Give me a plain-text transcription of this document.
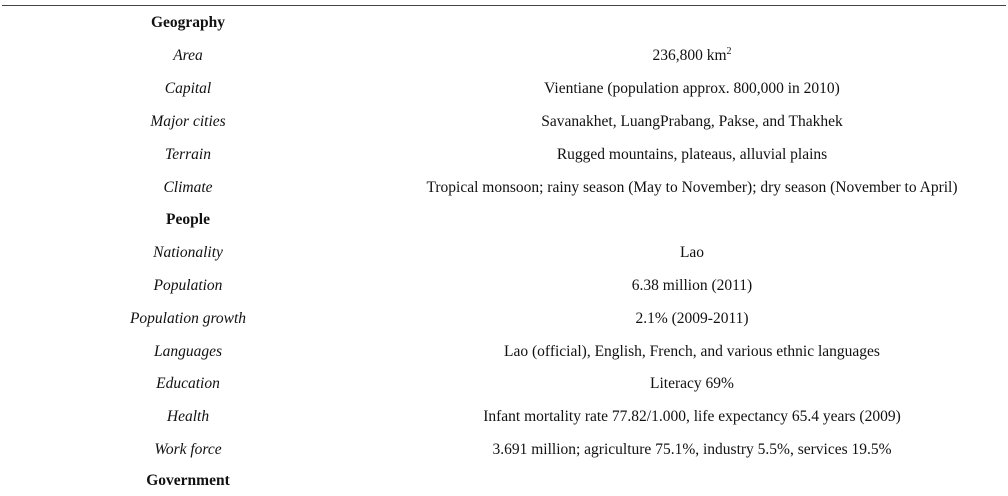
Geography	
Area	236,800 $km^2$
Capital	Vientiane (population approx. 800,000 in 2010)
Major cities	Savanakhet, LuangPrabang, Pakse, and Thakhek
Terrain	Rugged mountains, plateaus, alluvial plains
Climate	Tropical monsoon; rainy season (May to November); dry season (November to April)
People	
Nationality	Lao
Population	6.38 million (2011)
Population growth	2.1% (2009-2011)
Languages	Lao (official), English, French, and various ethnic languages
Education	Literacy 69%
Health	Infant mortality rate 77.82/1.000, life expectancy 65.4 years (2009)
Work force	3.691 million; agriculture 75.1%, industry 5.5%, services 19.5%
Government	
